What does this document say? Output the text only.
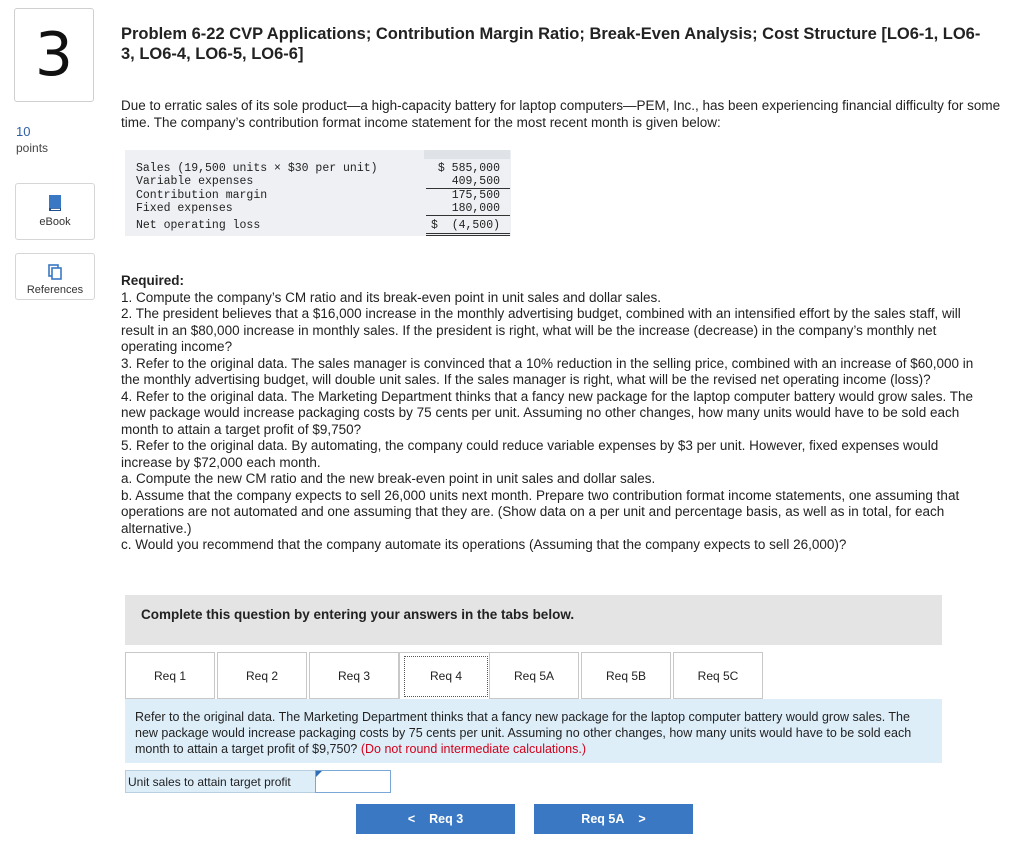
3
10
points
eBook
References
Problem 6-22 CVP Applications; Contribution Margin Ratio; Break-Even Analysis; Cost Structure [LO6-1, LO6-3, LO6-4, LO6-5, LO6-6]
Due to erratic sales of its sole product—a high-capacity battery for laptop computers—PEM, Inc., has been experiencing financial difficulty for some time. The company’s contribution format income statement for the most recent month is given below:
Sales (19,500 units × $30 per unit)	$ 585,000
Variable expenses	409,500
Contribution margin	175,500
Fixed expenses	180,000
Net operating loss	$  (4,500)

Required:

1. Compute the company’s CM ratio and its break-even point in unit sales and dollar sales.

2. The president believes that a $16,000 increase in the monthly advertising budget, combined with an intensified effort by the sales staff, will result in an $80,000 increase in monthly sales. If the president is right, what will be the increase (decrease) in the company’s monthly net operating income?

3. Refer to the original data. The sales manager is convinced that a 10% reduction in the selling price, combined with an increase of $60,000 in the monthly advertising budget, will double unit sales. If the sales manager is right, what will be the revised net operating income (loss)?

4. Refer to the original data. The Marketing Department thinks that a fancy new package for the laptop computer battery would grow sales. The new package would increase packaging costs by 75 cents per unit. Assuming no other changes, how many units would have to be sold each month to attain a target profit of $9,750?

5. Refer to the original data. By automating, the company could reduce variable expenses by $3 per unit. However, fixed expenses would increase by $72,000 each month.

a. Compute the new CM ratio and the new break-even point in unit sales and dollar sales.

b. Assume that the company expects to sell 26,000 units next month. Prepare two contribution format income statements, one assuming that operations are not automated and one assuming that they are. (Show data on a per unit and percentage basis, as well as in total, for each alternative.)

c. Would you recommend that the company automate its operations (Assuming that the company expects to sell 26,000)?

Complete this question by entering your answers in the tabs below.
Req 1	Req 2	Req 3	Req 4	Req 5A	Req 5B	Req 5C
Refer to the original data. The Marketing Department thinks that a fancy new package for the laptop computer battery would grow sales. The new package would increase packaging costs by 75 cents per unit. Assuming no other changes, how many units would have to be sold each month to attain a target profit of $9,750? (Do not round intermediate calculations.)
Unit sales to attain target profit
< Req 3	Req 5A >
